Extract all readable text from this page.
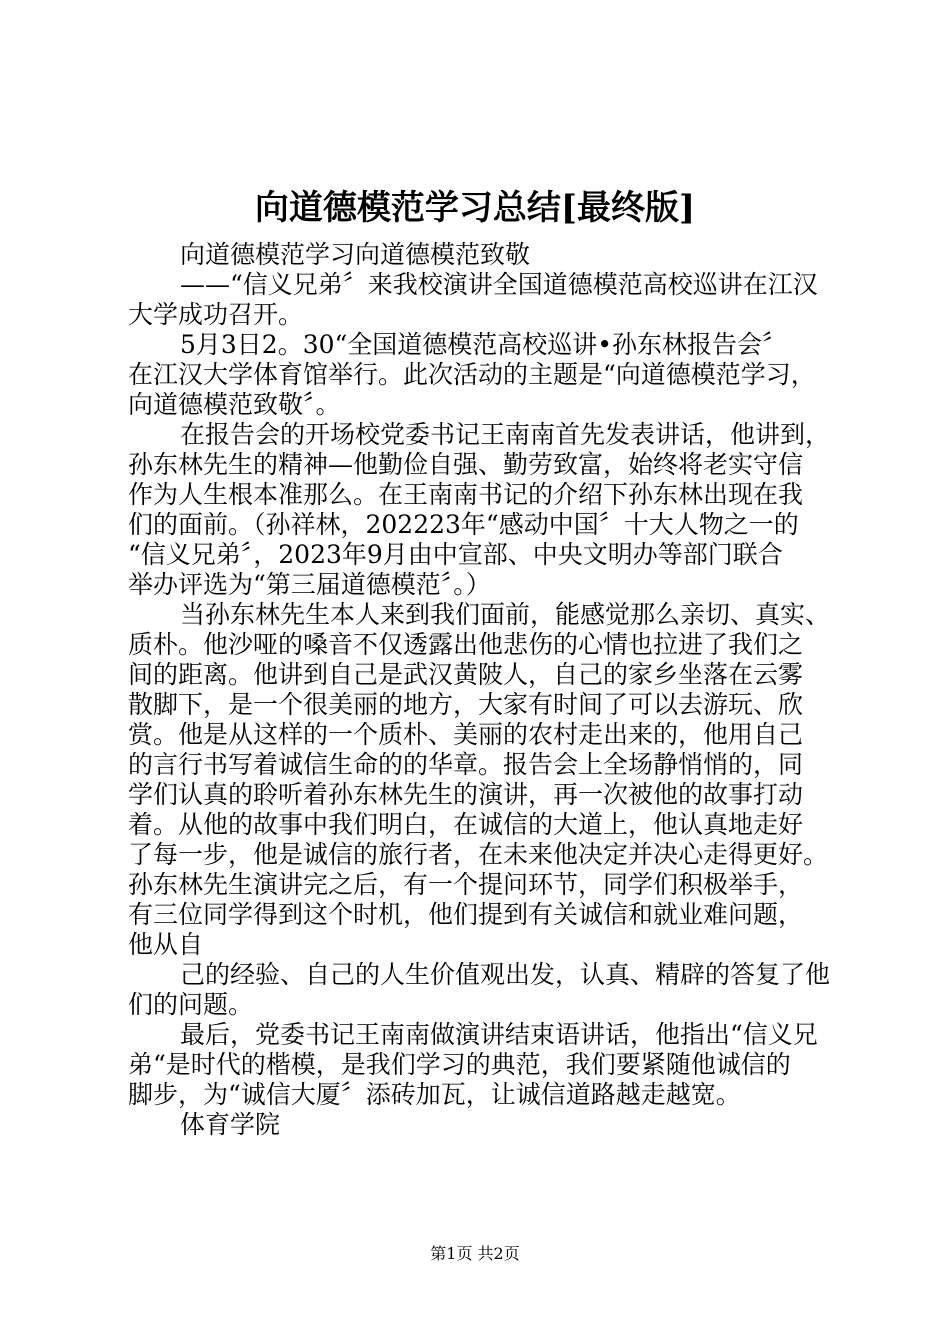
向道德模范学习总结[最终版]

向道德模范学习向道德模范致敬

——“信义兄弟〞来我校演讲全国道德模范高校巡讲在江汉

大学成功召开。

5月3日2。30“全国道德模范高校巡讲•孙东林报告会〞

在江汉大学体育馆举行。此次活动的主题是“向道德模范学习，

向道德模范致敬〞。

在报告会的开场校党委书记王南南首先发表讲话，他讲到，

孙东林先生的精神—他勤俭自强、勤劳致富，始终将老实守信

作为人生根本准那么。在王南南书记的介绍下孙东林出现在我

们的面前。（孙祥林，202223年“感动中国〞十大人物之一的

“信义兄弟〞，2023年9月由中宣部、中央文明办等部门联合

举办评选为“第三届道德模范〞。）

当孙东林先生本人来到我们面前，能感觉那么亲切、真实、

质朴。他沙哑的嗓音不仅透露出他悲伤的心情也拉进了我们之

间的距离。他讲到自己是武汉黄陂人，自己的家乡坐落在云雾

散脚下，是一个很美丽的地方，大家有时间了可以去游玩、欣

赏。他是从这样的一个质朴、美丽的农村走出来的，他用自己

的言行书写着诚信生命的的华章。报告会上全场静悄悄的，同

学们认真的聆听着孙东林先生的演讲，再一次被他的故事打动

着。从他的故事中我们明白，在诚信的大道上，他认真地走好

了每一步，他是诚信的旅行者，在未来他决定并决心走得更好。

孙东林先生演讲完之后，有一个提问环节，同学们积极举手，

有三位同学得到这个时机，他们提到有关诚信和就业难问题，

他从自

己的经验、自己的人生价值观出发，认真、精辟的答复了他

们的问题。

最后，党委书记王南南做演讲结束语讲话，他指出“信义兄

弟“是时代的楷模，是我们学习的典范，我们要紧随他诚信的

脚步，为“诚信大厦〞添砖加瓦，让诚信道路越走越宽。

体育学院

第1页 共2页
